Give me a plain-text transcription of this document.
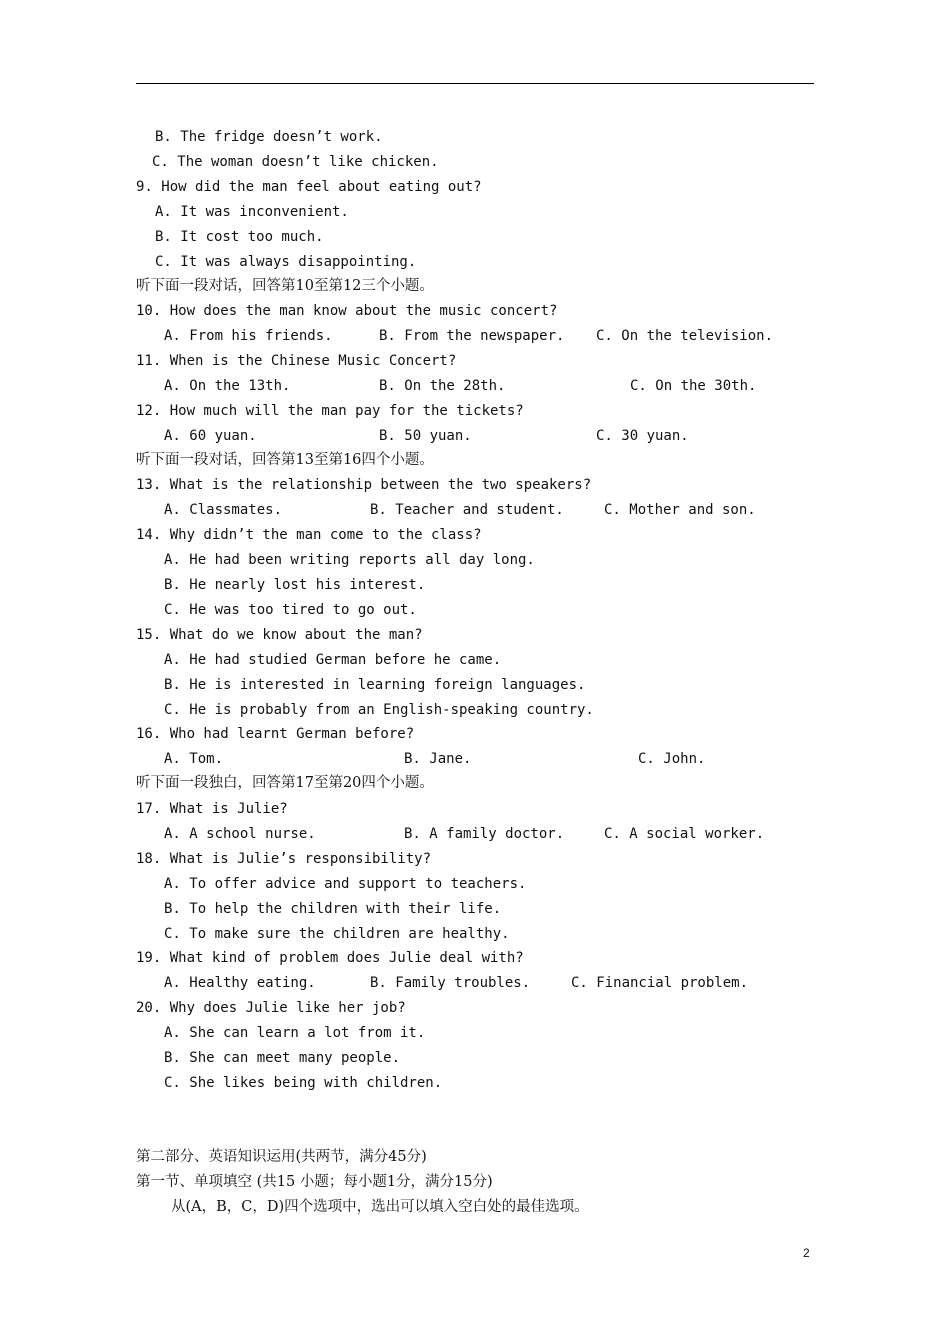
B. The fridge doesn’t work.
C. The woman doesn’t like chicken.
9. How did the man feel about eating out?
A. It was inconvenient.
B. It cost too much.
C. It was always disappointing.
听下面一段对话，回答第10至第12三个小题。
10. How does the man know about the music concert?
A. From his friends.	B. From the newspaper. C. On the television.
11. When is the Chinese Music Concert?
A. On the 13th.	B. On the 28th.	C. On the 30th.
12. How much will the man pay for the tickets?
A. 60 yuan.	B. 50 yuan.	C. 30 yuan.
听下面一段对话，回答第13至第16四个小题。
13. What is the relationship between the two speakers?
A. Classmates.	B. Teacher and student.	C. Mother and son.
14. Why didn’t the man come to the class?
A. He had been writing reports all day long.
B. He nearly lost his interest.
C. He was too tired to go out.
15. What do we know about the man?
A. He had studied German before he came.
B. He is interested in learning foreign languages.
C. He is probably from an English-speaking country.
16. Who had learnt German before?
A. Tom.	B. Jane.	C. John.
听下面一段独白，回答第17至第20四个小题。
17. What is Julie?
A. A school nurse.	B. A family doctor.	C. A social worker.
18. What is Julie’s responsibility?
A. To offer advice and support to teachers.
B. To help the children with their life.
C. To make sure the children are healthy.
19. What kind of problem does Julie deal with?
A. Healthy eating.	B. Family troubles.	C. Financial problem.
20. Why does Julie like her job?
A. She can learn a lot from it.
B. She can meet many people.
C. She likes being with children.
第二部分、英语知识运用(共两节，满分45分)
第一节、单项填空 (共15 小题；每小题1分，满分15分)
从(A，B，C，D)四个选项中，选出可以填入空白处的最佳选项。
2
